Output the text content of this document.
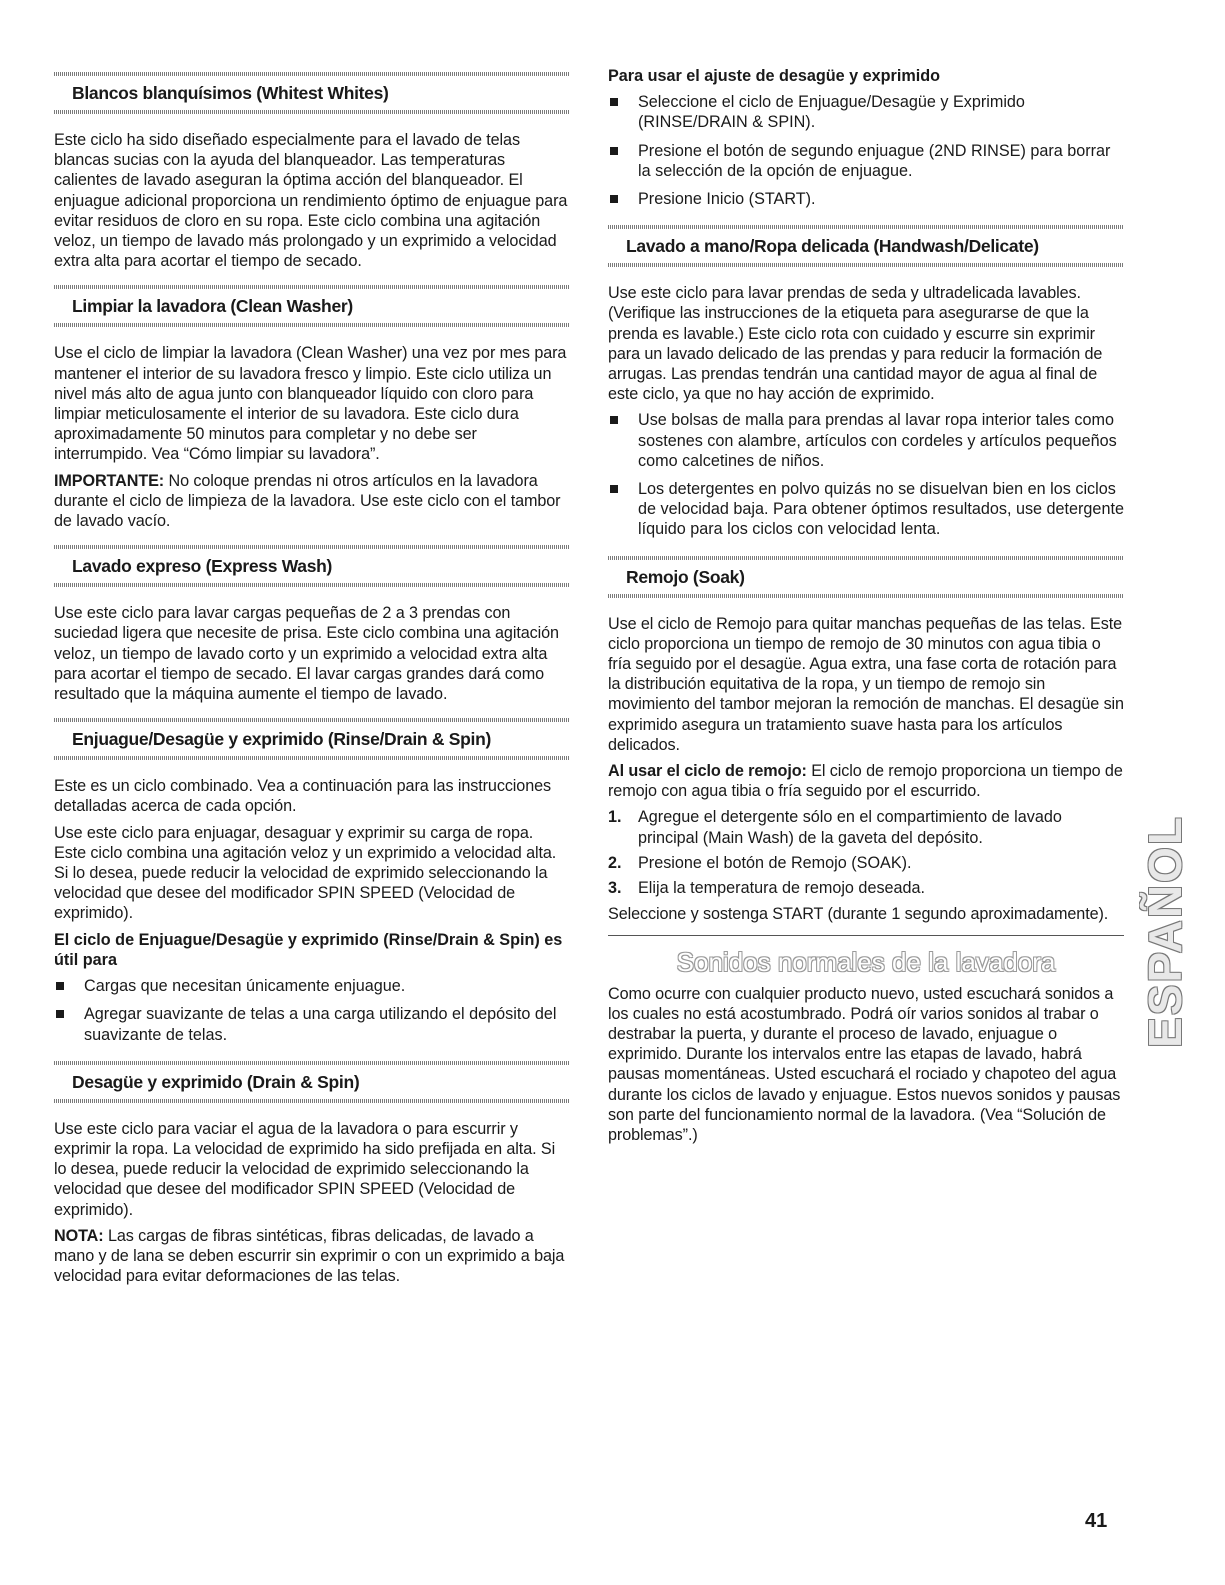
Blancos blanquísimos (Whitest Whites)

Este ciclo ha sido diseñado especialmente para el lavado de telas blancas sucias con la ayuda del blanqueador. Las temperaturas calientes de lavado aseguran la óptima acción del blanqueador. El enjuague adicional proporciona un rendimiento óptimo de enjuague para evitar residuos de cloro en su ropa. Este ciclo combina una agitación veloz, un tiempo de lavado más prolongado y un exprimido a velocidad extra alta para acortar el tiempo de secado.

Limpiar la lavadora (Clean Washer)

Use el ciclo de limpiar la lavadora (Clean Washer) una vez por mes para mantener el interior de su lavadora fresco y limpio. Este ciclo utiliza un nivel más alto de agua junto con blanqueador líquido con cloro para limpiar meticulosamente el interior de su lavadora. Este ciclo dura aproximadamente 50 minutos para completar y no debe ser interrumpido. Vea “Cómo limpiar su lavadora”.

IMPORTANTE: No coloque prendas ni otros artículos en la lavadora durante el ciclo de limpieza de la lavadora. Use este ciclo con el tambor de lavado vacío.

Lavado expreso (Express Wash)

Use este ciclo para lavar cargas pequeñas de 2 a 3 prendas con suciedad ligera que necesite de prisa. Este ciclo combina una agitación veloz, un tiempo de lavado corto y un exprimido a velocidad extra alta para acortar el tiempo de secado. El lavar cargas grandes dará como resultado que la máquina aumente el tiempo de lavado.

Enjuague/Desagüe y exprimido (Rinse/Drain & Spin)

Este es un ciclo combinado. Vea a continuación para las instrucciones detalladas acerca de cada opción.

Use este ciclo para enjuagar, desaguar y exprimir su carga de ropa. Este ciclo combina una agitación veloz y un exprimido a velocidad alta. Si lo desea, puede reducir la velocidad de exprimido seleccionando la velocidad que desee del modificador SPIN SPEED (Velocidad de exprimido).

El ciclo de Enjuague/Desagüe y exprimido (Rinse/Drain & Spin) es útil para
Cargas que necesitan únicamente enjuague.
Agregar suavizante de telas a una carga utilizando el depósito del suavizante de telas.
Desagüe y exprimido (Drain & Spin)

Use este ciclo para vaciar el agua de la lavadora o para escurrir y exprimir la ropa. La velocidad de exprimido ha sido prefijada en alta. Si lo desea, puede reducir la velocidad de exprimido seleccionando la velocidad que desee del modificador SPIN SPEED (Velocidad de exprimido).

NOTA: Las cargas de fibras sintéticas, fibras delicadas, de lavado a mano y de lana se deben escurrir sin exprimir o con un exprimido a baja velocidad para evitar deformaciones de las telas.

Para usar el ajuste de desagüe y exprimido
Seleccione el ciclo de Enjuague/Desagüe y Exprimido (RINSE/DRAIN & SPIN).
Presione el botón de segundo enjuague (2ND RINSE) para borrar la selección de la opción de enjuague.
Presione Inicio (START).
Lavado a mano/Ropa delicada (Handwash/Delicate)

Use este ciclo para lavar prendas de seda y ultradelicada lavables. (Verifique las instrucciones de la etiqueta para asegurarse de que la prenda es lavable.) Este ciclo rota con cuidado y escurre sin exprimir para un lavado delicado de las prendas y para reducir la formación de arrugas. Las prendas tendrán una cantidad mayor de agua al final de este ciclo, ya que no hay acción de exprimido.

Use bolsas de malla para prendas al lavar ropa interior tales como sostenes con alambre, artículos con cordeles y artículos pequeños como calcetines de niños.
Los detergentes en polvo quizás no se disuelvan bien en los ciclos de velocidad baja. Para obtener óptimos resultados, use detergente líquido para los ciclos con velocidad lenta.
Remojo (Soak)

Use el ciclo de Remojo para quitar manchas pequeñas de las telas. Este ciclo proporciona un tiempo de remojo de 30 minutos con agua tibia o fría seguido por el desagüe. Agua extra, una fase corta de rotación para la distribución equitativa de la ropa, y un tiempo de remojo sin movimiento del tambor mejoran la remoción de manchas. El desagüe sin exprimido asegura un tratamiento suave hasta para los artículos delicados.

Al usar el ciclo de remojo: El ciclo de remojo proporciona un tiempo de remojo con agua tibia o fría seguido por el escurrido.

1. Agregue el detergente sólo en el compartimiento de lavado principal (Main Wash) de la gaveta del depósito.
2. Presione el botón de Remojo (SOAK).
3. Elija la temperatura de remojo deseada.

Seleccione y sostenga START (durante 1 segundo aproximadamente).

Sonidos normales de la lavadora

Como ocurre con cualquier producto nuevo, usted escuchará sonidos a los cuales no está acostumbrado. Podrá oír varios sonidos al trabar o destrabar la puerta, y durante el proceso de lavado, enjuague o exprimido. Durante los intervalos entre las etapas de lavado, habrá pausas momentáneas. Usted escuchará el rociado y chapoteo del agua durante los ciclos de lavado y enjuague. Estos nuevos sonidos y pausas son parte del funcionamiento normal de la lavadora. (Vea “Solución de problemas”.)

ESPAÑOL
41
